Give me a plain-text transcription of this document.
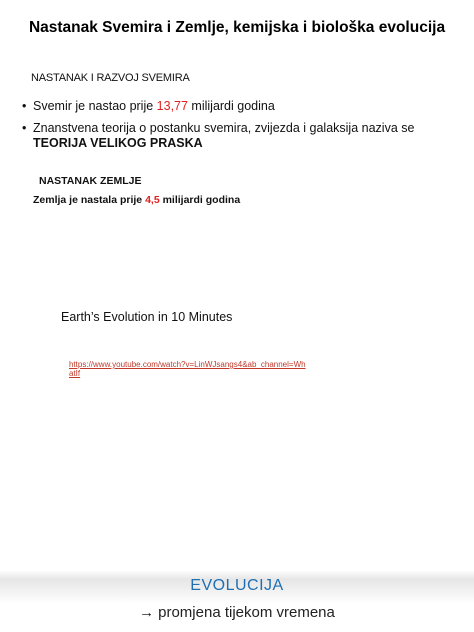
Nastanak Svemira i Zemlje, kemijska i biološka evolucija
NASTANAK I RAZVOJ SVEMIRA
• Svemir je nastao prije 13,77 milijardi godina
• Znanstvena teorija o postanku svemira, zvijezda i galaksija naziva se
TEORIJA VELIKOG PRASKA
NASTANAK ZEMLJE
Zemlja je nastala prije 4,5 milijardi godina
Earth’s Evolution in 10 Minutes
https://www.youtube.com/watch?v=LinWJsangs4&ab_channel=WhatIf
EVOLUCIJA
→ promjena tijekom vremena
